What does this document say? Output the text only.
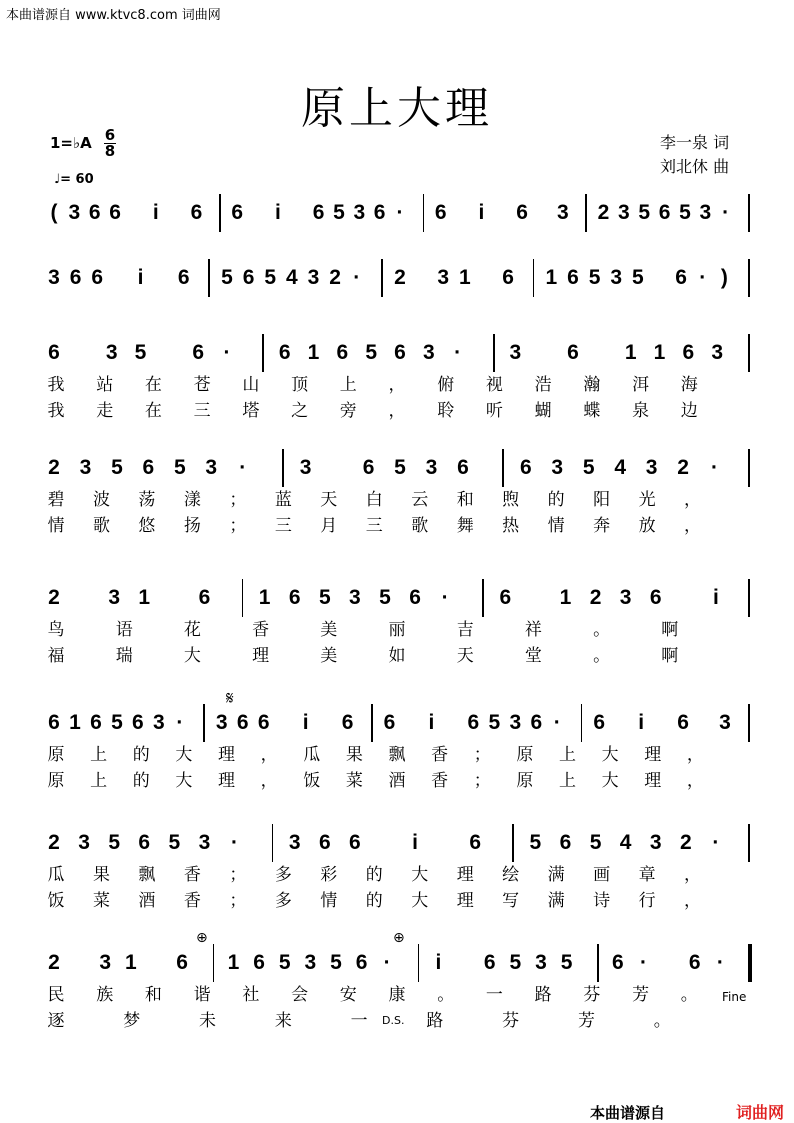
本曲谱源自 www.ktvc8.com 词曲网
原上大理
1=♭A 6
8
♩= 60
李一泉 词
刘北休 曲
( 3 6 6 i 6 6 i 6 5 3 6 · 6 i 6 3 2 3 5 6 5 3 ·
3 6 6 i 6 5 6 5 4 3 2 · 2 3 1 6 1 6 5 3 5 6 · )
6 3 5 6 · 6 1 6 5 6 3 · 3 6 1 1 6 3
我 站 在 苍 山 顶 上 ， 俯 视 浩 瀚 洱 海
我 走 在 三 塔 之 旁 ， 聆 听 蝴 蝶 泉 边
2 3 5 6 5 3 ·	3 6 5 3 6 6 3 5 4 3 2 ·
碧 波 荡 漾 ； 蓝 天 白 云 和 煦 的 阳 光 ，
情 歌 悠 扬 ； 三 月 三 歌 舞 热 情 奔 放 ，
2 3 1 6 1 6 5 3 5 6 · 6 1 2 3 6 i
鸟	语	花	香	美	丽	吉	祥	。	啊
福	瑞	大	理	美	如	天	堂	。	啊
6 1 6 5 6 3 · 3 6 6 i 6 6 i 6 5 3 6 · 6 i 6 3
原 上 的 大 理 ， 瓜 果 飘 香 ； 原 上 大 理 ，
原 上 的 大 理 ， 饭 菜 酒 香 ； 原 上 大 理 ，
2 3 5 6 5 3 · 3 6 6 i 6 5 6 5 4 3 2 ·
瓜 果 飘 香 ； 多 彩 的 大 理 绘 满 画 章 ，
饭 菜 酒 香 ； 多 情 的 大 理 写 满 诗 行 ，
2 3 1 6 1 6 5 3 5 6 · i 6 5 3 5 6 · 6 ·
民 族 和 谐 社 会 安 康 。 一 路 芬 芳 。
逐	梦	未	来	一	路	芬	芳	。
𝄋
⊕	⊕
D.S.
Fine
本曲谱源自	词曲网
